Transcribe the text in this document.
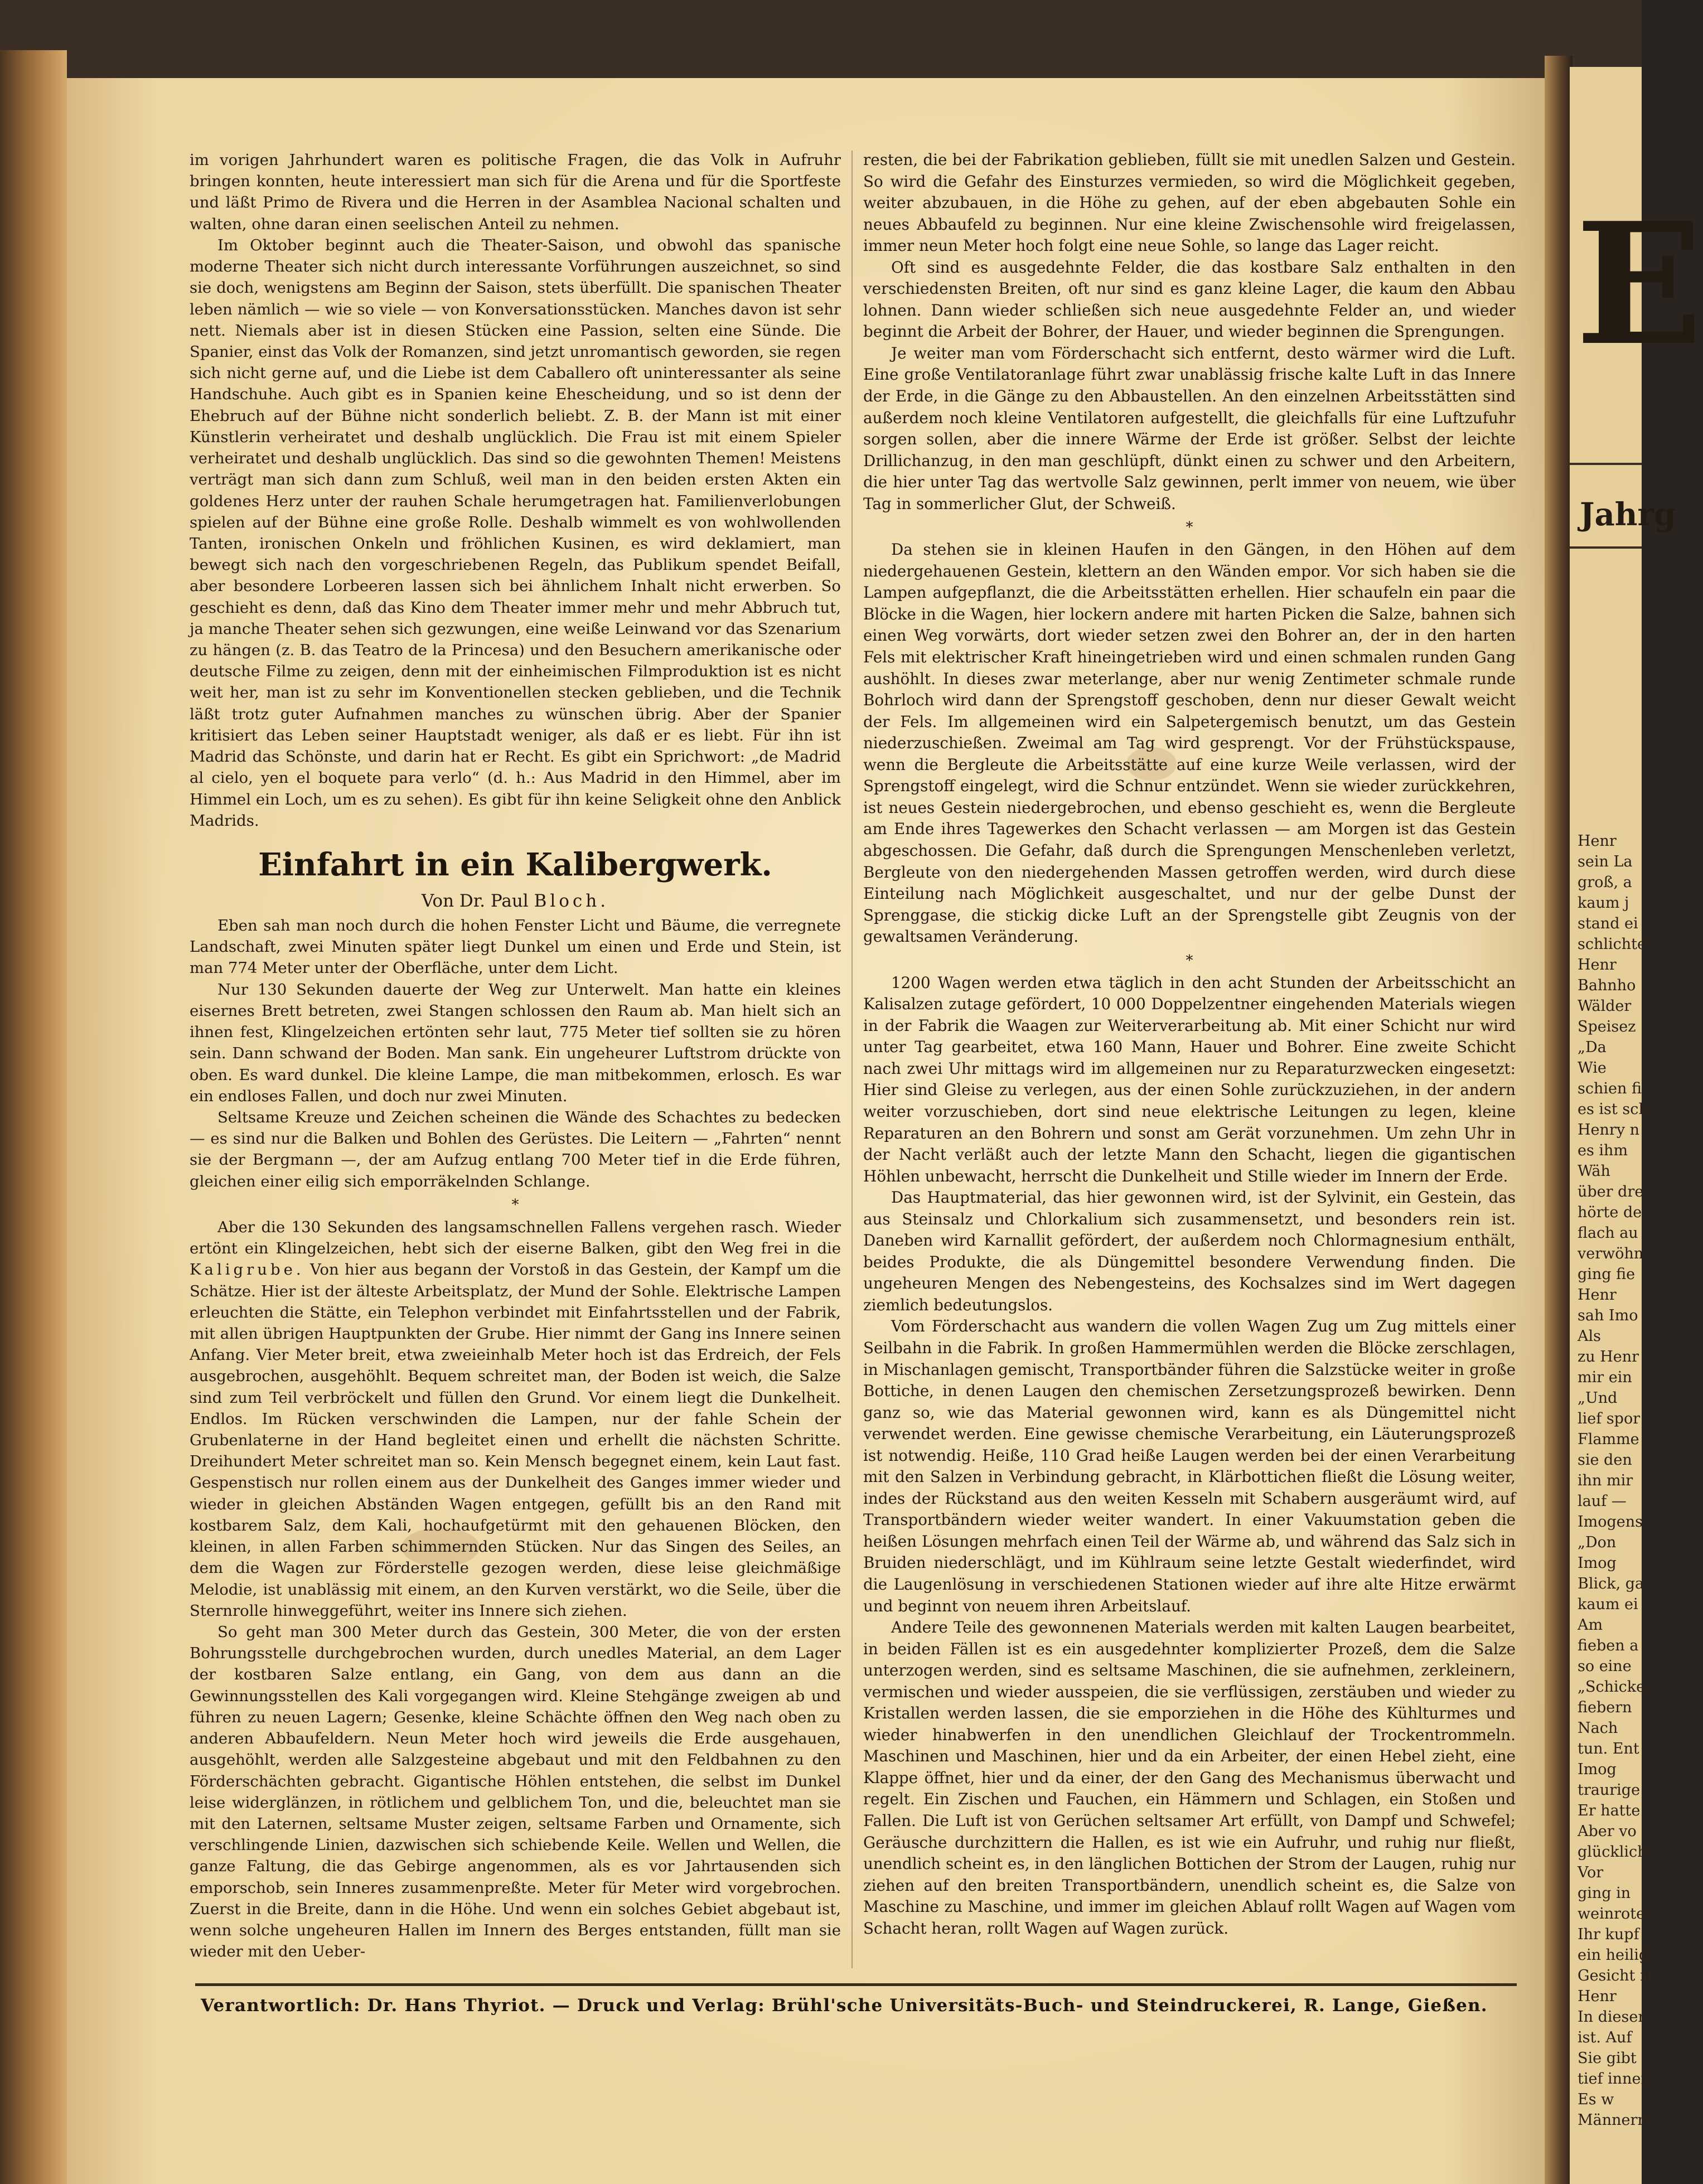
E
Jahrg
Henr
sein La
groß, a
kaum j
stand ei
schlichte
Henr
Bahnho
Wälder
Speisez
„Da
Wie
schien fi
es ist sch
Henry n
es ihm
Wäh
über dre
hörte de
flach au
verwöhn
ging fie
Henr
sah Imo
Als
zu Henr
mir ein
„Und
lief spor
Flamme
sie den
ihn mir
lauf —
Imogens
„Don
Imog
Blick, ga
kaum ei
Am
fieben a
so eine
„Schicke
fiebern
Nach
tun. Ent
Imog
traurige
Er hatte
Aber vo
glücklich
Vor
ging in
weinrote
Ihr kupf
ein heilig
Gesicht n
Henr
In dieser
ist. Auf
Sie gibt
tief inner
Es w
Männern

im vorigen Jahrhundert waren es politische Fragen, die das Volk in Aufruhr bringen konnten, heute interessiert man sich für die Arena und für die Sportfeste und läßt Primo de Rivera und die Herren in der Asamblea Nacional schalten und walten, ohne daran einen seelischen Anteil zu nehmen.

Im Oktober beginnt auch die Theater-Saison, und obwohl das spanische moderne Theater sich nicht durch interessante Vorführungen auszeichnet, so sind sie doch, wenigstens am Beginn der Saison, stets überfüllt. Die spanischen Theater leben nämlich — wie so viele — von Konversationsstücken. Manches davon ist sehr nett. Niemals aber ist in diesen Stücken eine Passion, selten eine Sünde. Die Spanier, einst das Volk der Romanzen, sind jetzt unromantisch geworden, sie regen sich nicht gerne auf, und die Liebe ist dem Caballero oft uninteressanter als seine Handschuhe. Auch gibt es in Spanien keine Ehescheidung, und so ist denn der Ehebruch auf der Bühne nicht sonderlich beliebt. Z. B. der Mann ist mit einer Künstlerin verheiratet und deshalb unglücklich. Die Frau ist mit einem Spieler verheiratet und deshalb unglücklich. Das sind so die gewohnten Themen! Meistens verträgt man sich dann zum Schluß, weil man in den beiden ersten Akten ein goldenes Herz unter der rauhen Schale herumgetragen hat. Familienverlobungen spielen auf der Bühne eine große Rolle. Deshalb wimmelt es von wohlwollenden Tanten, ironischen Onkeln und fröhlichen Kusinen, es wird deklamiert, man bewegt sich nach den vorgeschriebenen Regeln, das Publikum spendet Beifall, aber besondere Lorbeeren lassen sich bei ähnlichem Inhalt nicht erwerben. So geschieht es denn, daß das Kino dem Theater immer mehr und mehr Abbruch tut, ja manche Theater sehen sich gezwungen, eine weiße Leinwand vor das Szenarium zu hängen (z. B. das Teatro de la Princesa) und den Besuchern amerikanische oder deutsche Filme zu zeigen, denn mit der einheimischen Filmproduktion ist es nicht weit her, man ist zu sehr im Konventionellen stecken geblieben, und die Technik läßt trotz guter Aufnahmen manches zu wünschen übrig. Aber der Spanier kritisiert das Leben seiner Hauptstadt weniger, als daß er es liebt. Für ihn ist Madrid das Schönste, und darin hat er Recht. Es gibt ein Sprichwort: „de Madrid al cielo, yen el boquete para verlo“ (d. h.: Aus Madrid in den Himmel, aber im Himmel ein Loch, um es zu sehen). Es gibt für ihn keine Seligkeit ohne den Anblick Madrids.

Einfahrt in ein Kalibergwerk.
Von Dr. Paul Bloch.

Eben sah man noch durch die hohen Fenster Licht und Bäume, die verregnete Landschaft, zwei Minuten später liegt Dunkel um einen und Erde und Stein, ist man 774 Meter unter der Oberfläche, unter dem Licht.

Nur 130 Sekunden dauerte der Weg zur Unterwelt. Man hatte ein kleines eisernes Brett betreten, zwei Stangen schlossen den Raum ab. Man hielt sich an ihnen fest, Klingelzeichen ertönten sehr laut, 775 Meter tief sollten sie zu hören sein. Dann schwand der Boden. Man sank. Ein ungeheurer Luftstrom drückte von oben. Es ward dunkel. Die kleine Lampe, die man mitbekommen, erlosch. Es war ein endloses Fallen, und doch nur zwei Minuten.

Seltsame Kreuze und Zeichen scheinen die Wände des Schachtes zu bedecken — es sind nur die Balken und Bohlen des Gerüstes. Die Leitern — „Fahrten“ nennt sie der Bergmann —, der am Aufzug entlang 700 Meter tief in die Erde führen, gleichen einer eilig sich emporräkelnden Schlange.

*

Aber die 130 Sekunden des langsamschnellen Fallens vergehen rasch. Wieder ertönt ein Klingelzeichen, hebt sich der eiserne Balken, gibt den Weg frei in die Kaligrube. Von hier aus begann der Vorstoß in das Gestein, der Kampf um die Schätze. Hier ist der älteste Arbeitsplatz, der Mund der Sohle. Elektrische Lampen erleuchten die Stätte, ein Telephon verbindet mit Einfahrtsstellen und der Fabrik, mit allen übrigen Hauptpunkten der Grube. Hier nimmt der Gang ins Innere seinen Anfang. Vier Meter breit, etwa zweieinhalb Meter hoch ist das Erdreich, der Fels ausgebrochen, ausgehöhlt. Bequem schreitet man, der Boden ist weich, die Salze sind zum Teil verbröckelt und füllen den Grund. Vor einem liegt die Dunkelheit. Endlos. Im Rücken verschwinden die Lampen, nur der fahle Schein der Grubenlaterne in der Hand begleitet einen und erhellt die nächsten Schritte. Dreihundert Meter schreitet man so. Kein Mensch begegnet einem, kein Laut fast. Gespenstisch nur rollen einem aus der Dunkelheit des Ganges immer wieder und wieder in gleichen Abständen Wagen entgegen, gefüllt bis an den Rand mit kostbarem Salz, dem Kali, hochaufgetürmt mit den gehauenen Blöcken, den kleinen, in allen Farben schimmernden Stücken. Nur das Singen des Seiles, an dem die Wagen zur Förderstelle gezogen werden, diese leise gleichmäßige Melodie, ist unablässig mit einem, an den Kurven verstärkt, wo die Seile, über die Sternrolle hinweggeführt, weiter ins Innere sich ziehen.

So geht man 300 Meter durch das Gestein, 300 Meter, die von der ersten Bohrungsstelle durchgebrochen wurden, durch unedles Material, an dem Lager der kostbaren Salze entlang, ein Gang, von dem aus dann an die Gewinnungsstellen des Kali vorgegangen wird. Kleine Stehgänge zweigen ab und führen zu neuen Lagern; Gesenke, kleine Schächte öffnen den Weg nach oben zu anderen Abbaufeldern. Neun Meter hoch wird jeweils die Erde ausgehauen, ausgehöhlt, werden alle Salzgesteine abgebaut und mit den Feldbahnen zu den Förderschächten gebracht. Gigantische Höhlen entstehen, die selbst im Dunkel leise widerglänzen, in rötlichem und gelblichem Ton, und die, beleuchtet man sie mit den Laternen, seltsame Muster zeigen, seltsame Farben und Ornamente, sich verschlingende Linien, dazwischen sich schiebende Keile. Wellen und Wellen, die ganze Faltung, die das Gebirge angenommen, als es vor Jahrtausenden sich emporschob, sein Inneres zusammenpreßte. Meter für Meter wird vorgebrochen. Zuerst in die Breite, dann in die Höhe. Und wenn ein solches Gebiet abgebaut ist, wenn solche ungeheuren Hallen im Innern des Berges entstanden, füllt man sie wieder mit den Ueber-

resten, die bei der Fabrikation geblieben, füllt sie mit unedlen Salzen und Gestein. So wird die Gefahr des Einsturzes vermieden, so wird die Möglichkeit gegeben, weiter abzubauen, in die Höhe zu gehen, auf der eben abgebauten Sohle ein neues Abbaufeld zu beginnen. Nur eine kleine Zwischensohle wird freigelassen, immer neun Meter hoch folgt eine neue Sohle, so lange das Lager reicht.

Oft sind es ausgedehnte Felder, die das kostbare Salz enthalten in den verschiedensten Breiten, oft nur sind es ganz kleine Lager, die kaum den Abbau lohnen. Dann wieder schließen sich neue ausgedehnte Felder an, und wieder beginnt die Arbeit der Bohrer, der Hauer, und wieder beginnen die Sprengungen.

Je weiter man vom Förderschacht sich entfernt, desto wärmer wird die Luft. Eine große Ventilatoranlage führt zwar unablässig frische kalte Luft in das Innere der Erde, in die Gänge zu den Abbaustellen. An den einzelnen Arbeitsstätten sind außerdem noch kleine Ventilatoren aufgestellt, die gleichfalls für eine Luftzufuhr sorgen sollen, aber die innere Wärme der Erde ist größer. Selbst der leichte Drillichanzug, in den man geschlüpft, dünkt einen zu schwer und den Arbeitern, die hier unter Tag das wertvolle Salz gewinnen, perlt immer von neuem, wie über Tag in sommerlicher Glut, der Schweiß.

*

Da stehen sie in kleinen Haufen in den Gängen, in den Höhen auf dem niedergehauenen Gestein, klettern an den Wänden empor. Vor sich haben sie die Lampen aufgepflanzt, die die Arbeitsstätten erhellen. Hier schaufeln ein paar die Blöcke in die Wagen, hier lockern andere mit harten Picken die Salze, bahnen sich einen Weg vorwärts, dort wieder setzen zwei den Bohrer an, der in den harten Fels mit elektrischer Kraft hineingetrieben wird und einen schmalen runden Gang aushöhlt. In dieses zwar meterlange, aber nur wenig Zentimeter schmale runde Bohrloch wird dann der Sprengstoff geschoben, denn nur dieser Gewalt weicht der Fels. Im allgemeinen wird ein Salpetergemisch benutzt, um das Gestein niederzuschießen. Zweimal am Tag wird gesprengt. Vor der Frühstückspause, wenn die Bergleute die Arbeitsstätte auf eine kurze Weile verlassen, wird der Sprengstoff eingelegt, wird die Schnur entzündet. Wenn sie wieder zurückkehren, ist neues Gestein niedergebrochen, und ebenso geschieht es, wenn die Bergleute am Ende ihres Tagewerkes den Schacht verlassen — am Morgen ist das Gestein abgeschossen. Die Gefahr, daß durch die Sprengungen Menschenleben verletzt, Bergleute von den niedergehenden Massen getroffen werden, wird durch diese Einteilung nach Möglichkeit ausgeschaltet, und nur der gelbe Dunst der Sprenggase, die stickig dicke Luft an der Sprengstelle gibt Zeugnis von der gewaltsamen Veränderung.

*

1200 Wagen werden etwa täglich in den acht Stunden der Arbeitsschicht an Kalisalzen zutage gefördert, 10 000 Doppelzentner eingehenden Materials wiegen in der Fabrik die Waagen zur Weiterverarbeitung ab. Mit einer Schicht nur wird unter Tag gearbeitet, etwa 160 Mann, Hauer und Bohrer. Eine zweite Schicht nach zwei Uhr mittags wird im allgemeinen nur zu Reparaturzwecken eingesetzt: Hier sind Gleise zu verlegen, aus der einen Sohle zurückzuziehen, in der andern weiter vorzuschieben, dort sind neue elektrische Leitungen zu legen, kleine Reparaturen an den Bohrern und sonst am Gerät vorzunehmen. Um zehn Uhr in der Nacht verläßt auch der letzte Mann den Schacht, liegen die gigantischen Höhlen unbewacht, herrscht die Dunkelheit und Stille wieder im Innern der Erde.

Das Hauptmaterial, das hier gewonnen wird, ist der Sylvinit, ein Gestein, das aus Steinsalz und Chlorkalium sich zusammensetzt, und besonders rein ist. Daneben wird Karnallit gefördert, der außerdem noch Chlormagnesium enthält, beides Produkte, die als Düngemittel besondere Verwendung finden. Die ungeheuren Mengen des Nebengesteins, des Kochsalzes sind im Wert dagegen ziemlich bedeutungslos.

Vom Förderschacht aus wandern die vollen Wagen Zug um Zug mittels einer Seilbahn in die Fabrik. In großen Hammermühlen werden die Blöcke zerschlagen, in Mischanlagen gemischt, Transportbänder führen die Salzstücke weiter in große Bottiche, in denen Laugen den chemischen Zersetzungsprozeß bewirken. Denn ganz so, wie das Material gewonnen wird, kann es als Düngemittel nicht verwendet werden. Eine gewisse chemische Verarbeitung, ein Läuterungsprozeß ist notwendig. Heiße, 110 Grad heiße Laugen werden bei der einen Verarbeitung mit den Salzen in Verbindung gebracht, in Klärbottichen fließt die Lösung weiter, indes der Rückstand aus den weiten Kesseln mit Schabern ausgeräumt wird, auf Transportbändern wieder weiter wandert. In einer Vakuumstation geben die heißen Lösungen mehrfach einen Teil der Wärme ab, und während das Salz sich in Bruiden niederschlägt, und im Kühlraum seine letzte Gestalt wiederfindet, wird die Laugenlösung in verschiedenen Stationen wieder auf ihre alte Hitze erwärmt und beginnt von neuem ihren Arbeitslauf.

Andere Teile des gewonnenen Materials werden mit kalten Laugen bearbeitet, in beiden Fällen ist es ein ausgedehnter komplizierter Prozeß, dem die Salze unterzogen werden, sind es seltsame Maschinen, die sie aufnehmen, zerkleinern, vermischen und wieder ausspeien, die sie verflüssigen, zerstäuben und wieder zu Kristallen werden lassen, die sie emporziehen in die Höhe des Kühlturmes und wieder hinabwerfen in den unendlichen Gleichlauf der Trockentrommeln. Maschinen und Maschinen, hier und da ein Arbeiter, der einen Hebel zieht, eine Klappe öffnet, hier und da einer, der den Gang des Mechanismus überwacht und regelt. Ein Zischen und Fauchen, ein Hämmern und Schlagen, ein Stoßen und Fallen. Die Luft ist von Gerüchen seltsamer Art erfüllt, von Dampf und Schwefel; Geräusche durchzittern die Hallen, es ist wie ein Aufruhr, und ruhig nur fließt, unendlich scheint es, in den länglichen Bottichen der Strom der Laugen, ruhig nur ziehen auf den breiten Transportbändern, unendlich scheint es, die Salze von Maschine zu Maschine, und immer im gleichen Ablauf rollt Wagen auf Wagen vom Schacht heran, rollt Wagen auf Wagen zurück.

Verantwortlich: Dr. Hans Thyriot. — Druck und Verlag: Brühl'sche Universitäts-Buch- und Steindruckerei, R. Lange, Gießen.
